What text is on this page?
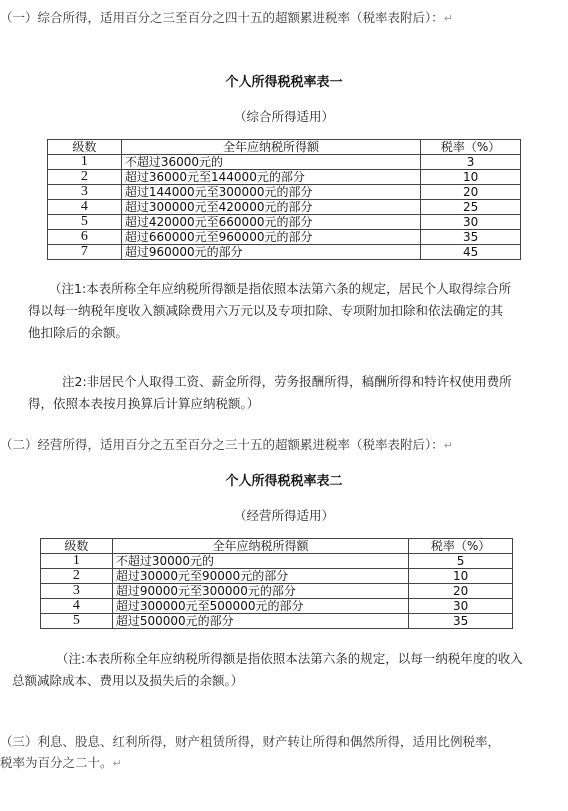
（一）综合所得，适用百分之三至百分之四十五的超额累进税率（税率表附后）：↵
个人所得税税率表一
（综合所得适用）
级数	全年应纳税所得额	税率（%）
1	不超过36000元的	3
2	超过36000元至144000元的部分	10
3	超过144000元至300000元的部分	20
4	超过300000元至420000元的部分	25
5	超过420000元至660000元的部分	30
6	超过660000元至960000元的部分	35
7	超过960000元的部分	45
（注1:本表所称全年应纳税所得额是指依照本法第六条的规定，居民个人取得综合所
得以每一纳税年度收入额减除费用六万元以及专项扣除、专项附加扣除和依法确定的其
他扣除后的余额。
注2:非居民个人取得工资、薪金所得，劳务报酬所得，稿酬所得和特许权使用费所
得，依照本表按月换算后计算应纳税额。）
（二）经营所得，适用百分之五至百分之三十五的超额累进税率（税率表附后）：↵
个人所得税税率表二
（经营所得适用）
级数	全年应纳税所得额	税率（%）
1	不超过30000元的	5
2	超过30000元至90000元的部分	10
3	超过90000元至300000元的部分	20
4	超过300000元至500000元的部分	30
5	超过500000元的部分	35
（注:本表所称全年应纳税所得额是指依照本法第六条的规定，以每一纳税年度的收入
总额减除成本、费用以及损失后的余额。）
（三）利息、股息、红利所得，财产租赁所得，财产转让所得和偶然所得，适用比例税率，
税率为百分之二十。↵
